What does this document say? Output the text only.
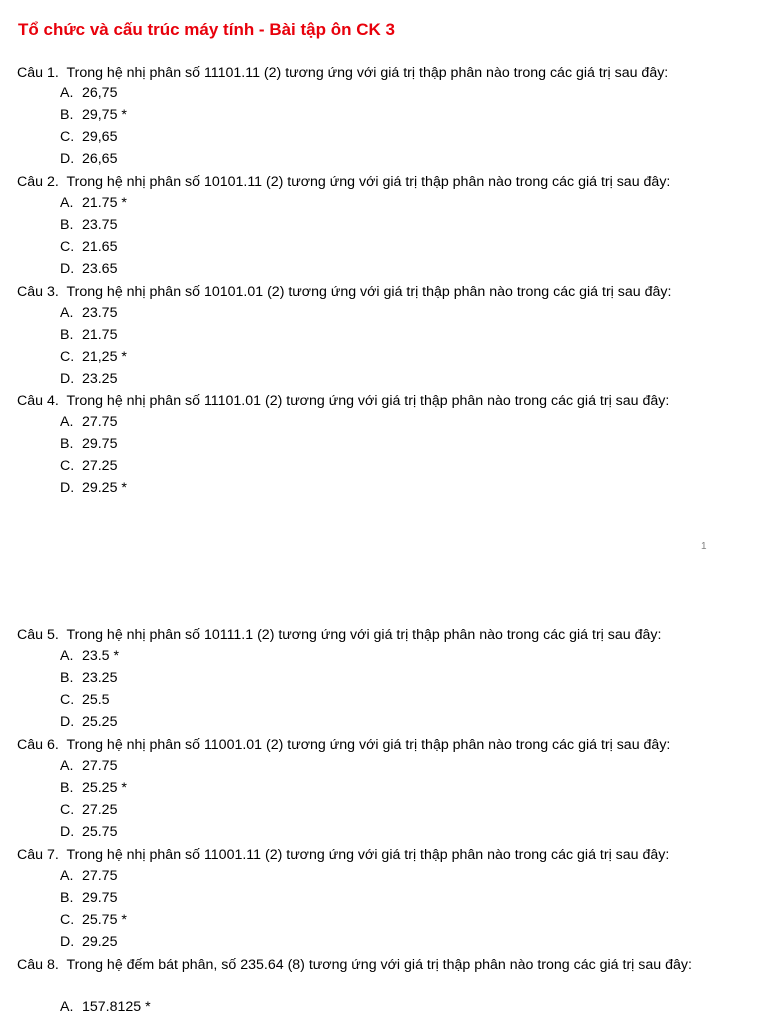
Tổ chức và cấu trúc máy tính - Bài tập ôn CK 3

Câu 1. Trong hệ nhị phân số 11101.11 (2) tương ứng với giá trị thập phân nào trong các giá trị sau đây:

A. 26,75
B. 29,75 *
C. 29,65
D. 26,65

Câu 2. Trong hệ nhị phân số 10101.11 (2) tương ứng với giá trị thập phân nào trong các giá trị sau đây:

A. 21.75 *
B. 23.75
C. 21.65
D. 23.65

Câu 3. Trong hệ nhị phân số 10101.01 (2) tương ứng với giá trị thập phân nào trong các giá trị sau đây:

A. 23.75
B. 21.75
C. 21,25 *
D. 23.25

Câu 4. Trong hệ nhị phân số 11101.01 (2) tương ứng với giá trị thập phân nào trong các giá trị sau đây:

A. 27.75
B. 29.75
C. 27.25
D. 29.25 *
1

Câu 5. Trong hệ nhị phân số 10111.1 (2) tương ứng với giá trị thập phân nào trong các giá trị sau đây:

A. 23.5 *
B. 23.25
C. 25.5
D. 25.25

Câu 6. Trong hệ nhị phân số 11001.01 (2) tương ứng với giá trị thập phân nào trong các giá trị sau đây:

A. 27.75
B. 25.25 *
C. 27.25
D. 25.75

Câu 7. Trong hệ nhị phân số 11001.11 (2) tương ứng với giá trị thập phân nào trong các giá trị sau đây:

A. 27.75
B. 29.75
C. 25.75 *
D. 29.25

Câu 8. Trong hệ đếm bát phân, số 235.64 (8) tương ứng với giá trị thập phân nào trong các giá trị sau đây:

A. 157.8125 *
